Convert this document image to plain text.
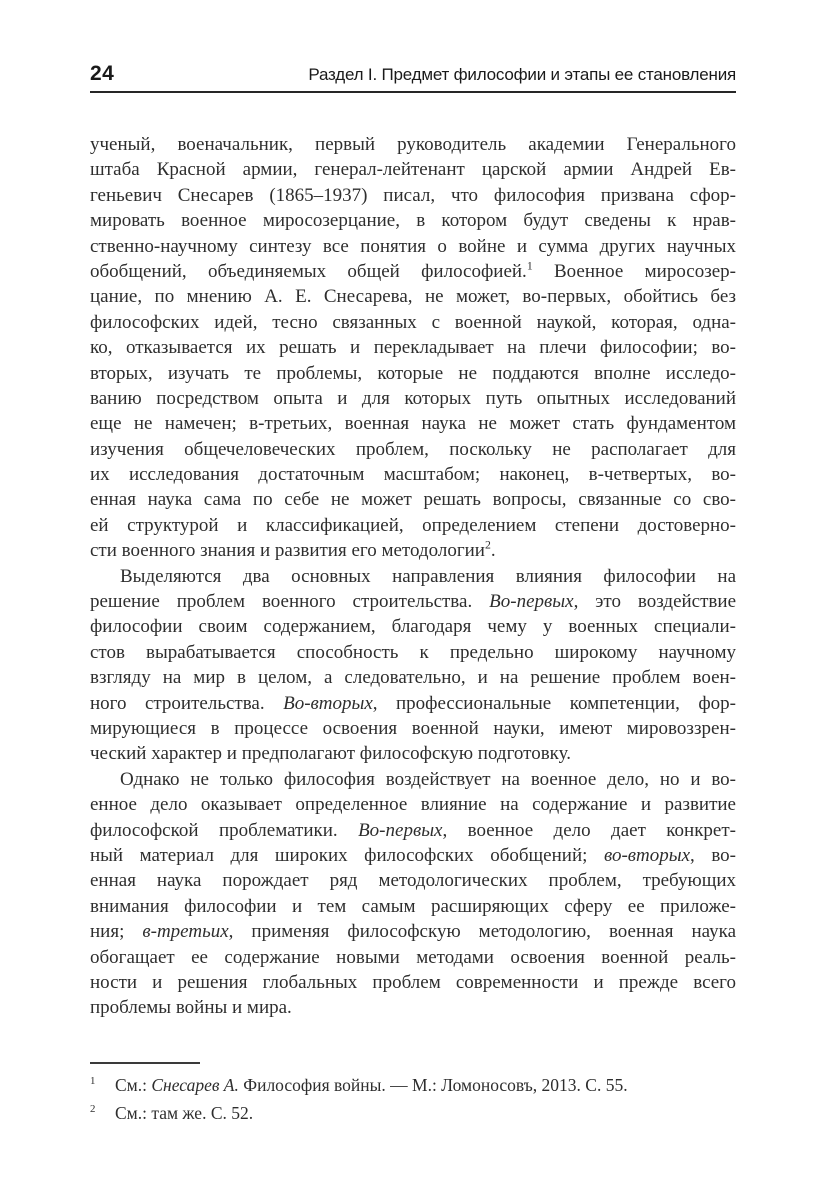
24	Раздел I. Предмет философии и этапы ее становления
ученый, военачальник, первый руководитель академии Генерального
штаба Красной армии, генерал-лейтенант царской армии Андрей Ев-
геньевич Снесарев (1865–1937) писал, что философия призвана сфор-
мировать военное миросозерцание, в котором будут сведены к нрав-
ственно-научному синтезу все понятия о войне и сумма других научных
обобщений, объединяемых общей философией.$^1$ Военное миросозер-
цание, по мнению А. Е. Снесарева, не может, во-первых, обойтись без
философских идей, тесно связанных с военной наукой, которая, одна-
ко, отказывается их решать и перекладывает на плечи философии; во-
вторых, изучать те проблемы, которые не поддаются вполне исследо-
ванию посредством опыта и для которых путь опытных исследований
еще не намечен; в-третьих, военная наука не может стать фундаментом
изучения общечеловеческих проблем, поскольку не располагает для
их исследования достаточным масштабом; наконец, в-четвертых, во-
енная наука сама по себе не может решать вопросы, связанные со сво-
ей структурой и классификацией, определением степени достоверно-
сти военного знания и развития его методологии$^2$.
Выделяются два основных направления влияния философии на
решение проблем военного строительства. Во-первых, это воздействие
философии своим содержанием, благодаря чему у военных специали-
стов вырабатывается способность к предельно широкому научному
взгляду на мир в целом, а следовательно, и на решение проблем воен-
ного строительства. Во-вторых, профессиональные компетенции, фор-
мирующиеся в процессе освоения военной науки, имеют мировоззрен-
ческий характер и предполагают философскую подготовку.
Однако не только философия воздействует на военное дело, но и во-
енное дело оказывает определенное влияние на содержание и развитие
философской проблематики. Во-первых, военное дело дает конкрет-
ный материал для широких философских обобщений; во-вторых, во-
енная наука порождает ряд методологических проблем, требующих
внимания философии и тем самым расширяющих сферу ее приложе-
ния; в-третьих, применяя философскую методологию, военная наука
обогащает ее содержание новыми методами освоения военной реаль-
ности и решения глобальных проблем современности и прежде всего
проблемы войны и мира.
$^1$ См.: Снесарев А. Философия войны. — М.: Ломоносовъ, 2013. С. 55.
$^2$ См.: там же. С. 52.
